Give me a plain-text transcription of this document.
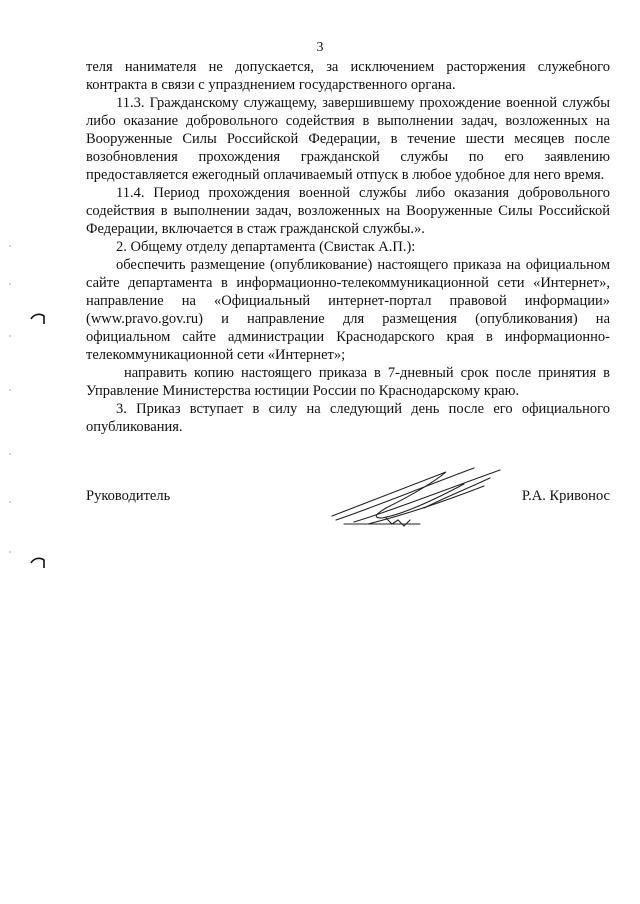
3

теля нанимателя не допускается, за исключением расторжения служебного контракта в связи с упразднением государственного органа.

11.3. Гражданскому служащему, завершившему прохождение военной службы либо оказание добровольного содействия в выполнении задач, возложенных на Вооруженные Силы Российской Федерации, в течение шести месяцев после возобновления прохождения гражданской службы по его заявлению предоставляется ежегодный оплачиваемый отпуск в любое удобное для него время.

11.4. Период прохождения военной службы либо оказания добровольного содействия в выполнении задач, возложенных на Вооруженные Силы Российской Федерации, включается в стаж гражданской службы.».

2. Общему отделу департамента (Свистак А.П.):

обеспечить размещение (опубликование) настоящего приказа на официальном сайте департамента в информационно-телекоммуникационной сети «Интернет», направление на «Официальный интернет-портал правовой информации» (www.pravo.gov.ru) и направление для размещения (опубликования) на официальном сайте администрации Краснодарского края в информационно-телекоммуникационной сети «Интернет»;

направить копию настоящего приказа в 7-дневный срок после принятия в Управление Министерства юстиции России по Краснодарскому краю.

3. Приказ вступает в силу на следующий день после его официального опубликования.

Руководитель	Р.А. Кривонос
